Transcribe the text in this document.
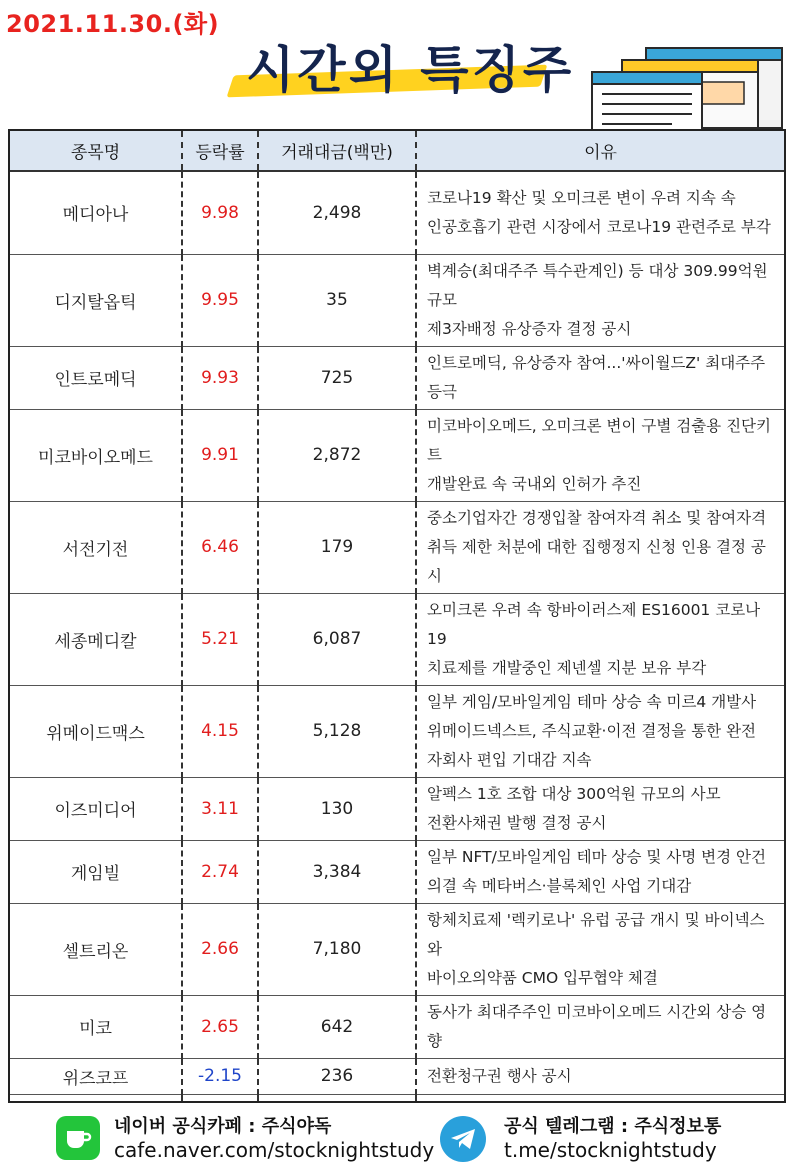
2021.11.30.(화)
시간외 특징주
종목명	등락률	거래대금(백만)	이유
메디아나	9.98	2,498	코로나19 확산 및 오미크론 변이 우려 지속 속
인공호흡기 관련 시장에서 코로나19 관련주로 부각

디지탈옵틱	9.95	35	벽계승(최대주주 특수관계인) 등 대상 309.99억원 규모
제3자배정 유상증자 결정 공시

인트로메딕	9.93	725	인트로메딕, 유상증자 참여...'싸이월드Z' 최대주주 등극

미코바이오메드	9.91	2,872	미코바이오메드, 오미크론 변이 구별 검출용 진단키트
개발완료 속 국내외 인허가 추진

서전기전	6.46	179	중소기업자간 경쟁입찰 참여자격 취소 및 참여자격
취득 제한 처분에 대한 집행정지 신청 인용 결정 공시

세종메디칼	5.21	6,087	오미크론 우려 속 항바이러스제 ES16001 코로나19
치료제를 개발중인 제넨셀 지분 보유 부각

위메이드맥스	4.15	5,128	일부 게임/모바일게임 테마 상승 속 미르4 개발사
위메이드넥스트, 주식교환·이전 결정을 통한 완전
자회사 편입 기대감 지속

이즈미디어	3.11	130	알펙스 1호 조합 대상 300억원 규모의 사모
전환사채권 발행 결정 공시

게임빌	2.74	3,384	일부 NFT/모바일게임 테마 상승 및 사명 변경 안건
의결 속 메타버스·블록체인 사업 기대감

셀트리온	2.66	7,180	항체치료제 '렉키로나' 유럽 공급 개시 및 바이넥스와
바이오의약품 CMO 입무협약 체결

미코	2.65	642	동사가 최대주주인 미코바이오메드 시간외 상승 영향

위즈코프	-2.15	236	전환청구권 행사 공시

네이버 공식카페 : 주식야독
cafe.naver.com/stocknightstudy
공식 텔레그램 : 주식정보통
t.me/stocknightstudy
